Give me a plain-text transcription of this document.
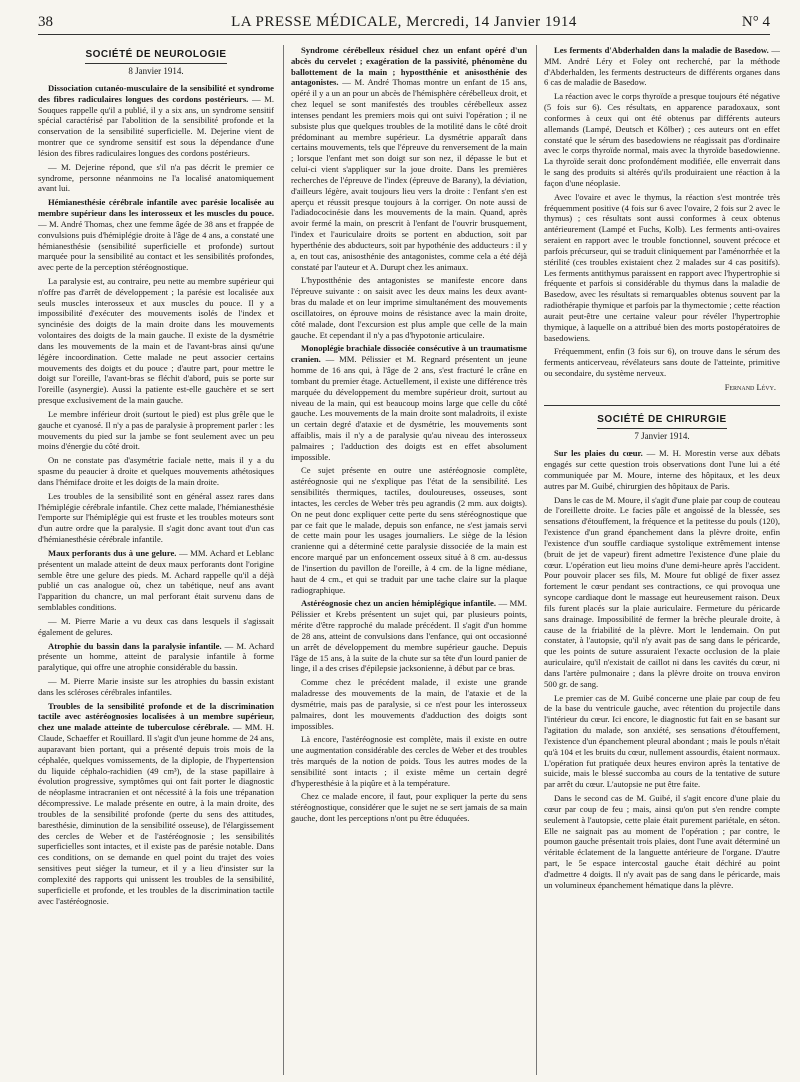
38	LA PRESSE MÉDICALE, Mercredi, 14 Janvier 1914	N° 4
SOCIÉTÉ DE NEUROLOGIE
8 Janvier 1914.

Dissociation cutanéo-musculaire de la sensibilité et syndrome des fibres radiculaires longues des cordons postérieurs. — M. Souques rappelle qu'il a publié, il y a six ans, un syndrome sensitif spécial caractérisé par l'abolition de la sensibilité profonde et la conservation de la sensibilité superficielle. M. Dejerine vient de montrer que ce syndrome sensitif est sous la dépendance d'une lésion des fibres radiculaires longues des cordons postérieurs.

— M. Dejerine répond, que s'il n'a pas décrit le premier ce syndrome, personne néanmoins ne l'a localisé anatomiquement avant lui.

Hémianesthésie cérébrale infantile avec parésie localisée au membre supérieur dans les interosseux et les muscles du pouce. — M. André Thomas, chez une femme âgée de 38 ans et frappée de convulsions puis d'hémiplégie droite à l'âge de 4 ans, a constaté une hémianesthésie (sensibilité superficielle et profonde) surtout marquée pour la sensibilité au contact et les sensibilités profondes, avec perte de la perception stéréognostique.

La paralysie est, au contraire, peu nette au membre supérieur qui n'offre pas d'arrêt de développement ; la parésie est localisée aux seuls muscles interosseux et aux muscles du pouce. Il y a impossibilité d'exécuter des mouvements isolés de l'index et syncinésie des doigts de la main droite dans les mouvements volontaires des doigts de la main gauche. Il existe de la dysmétrie dans les mouvements de la main et de l'avant-bras ainsi qu'une légère incoordination. Cette malade ne peut associer certains mouvements des doigts et du pouce ; d'autre part, pour mettre le doigt sur l'oreille, l'avant-bras se fléchit d'abord, puis se porte sur l'oreille (asynergie). Aussi la patiente est-elle gauchère et se sert presque exclusivement de la main gauche.

Le membre inférieur droit (surtout le pied) est plus grêle que le gauche et cyanosé. Il n'y a pas de paralysie à proprement parler : les mouvements du pied sur la jambe se font seulement avec un peu moins d'énergie du côté droit.

On ne constate pas d'asymétrie faciale nette, mais il y a du spasme du peaucier à droite et quelques mouvements athétosiques dans l'hémiface droite et les doigts de la main droite.

Les troubles de la sensibilité sont en général assez rares dans l'hémiplégie cérébrale infantile. Chez cette malade, l'hémianesthésie l'emporte sur l'hémiplégie qui est fruste et les troubles moteurs sont d'un autre ordre que la paralysie. Il s'agit donc avant tout d'un cas d'hémianesthésie cérébrale infantile.

Maux perforants dus à une gelure. — MM. Achard et Leblanc présentent un malade atteint de deux maux perforants dont l'origine semble être une gelure des pieds. M. Achard rappelle qu'il a déjà publié un cas analogue où, chez un tabétique, neuf ans avant l'apparition du chancre, un mal perforant était survenu dans de semblables conditions.

— M. Pierre Marie a vu deux cas dans lesquels il s'agissait également de gelures.

Atrophie du bassin dans la paralysie infantile. — M. Achard présente un homme, atteint de paralysie infantile à forme paralytique, qui offre une atrophie considérable du bassin.

— M. Pierre Marie insiste sur les atrophies du bassin existant dans les scléroses cérébrales infantiles.

Troubles de la sensibilité profonde et de la discrimination tactile avec astéréognosies localisées à un membre supérieur, chez une malade atteinte de tuberculose cérébrale. — MM. H. Claude, Schaeffer et Rouillard. Il s'agit d'un jeune homme de 24 ans, auparavant bien portant, qui a présenté depuis trois mois de la céphalée, quelques vomissements, de la diplopie, de l'hypertension du liquide céphalo-rachidien (49 cm³), de la stase papillaire à évolution progressive, symptômes qui ont fait porter le diagnostic de néoplasme intracranien et ont nécessité à la fois une trépanation décompressive. Le malade présente en outre, à la main droite, des troubles de la sensibilité profonde (perte du sens des attitudes, baresthésie, diminution de la sensibilité osseuse), de l'élargissement des cercles de Weber et de l'astéréognosie ; les sensibilités superficielles sont intactes, et il existe pas de parésie notable. Dans ces conditions, on se demande en quel point du trajet des voies sensitives peut siéger la tumeur, et il y a lieu d'insister sur la complexité des rapports qui unissent les troubles de la sensibilité, superficielle et profonde, et les troubles de la discrimination tactile avec l'astéréognosie.

Syndrome cérébelleux résiduel chez un enfant opéré d'un abcès du cervelet ; exagération de la passivité, phénomène du ballottement de la main ; hypostthénie et anisosthénie des antagonistes. — M. André Thomas montre un enfant de 15 ans, opéré il y a un an pour un abcès de l'hémisphère cérébelleux droit, et chez lequel se sont manifestés des troubles cérébelleux assez intenses pendant les premiers mois qui ont suivi l'opération ; il ne subsiste plus que quelques troubles de la motilité dans le côté droit prédominant au membre supérieur. La dysmétrie apparaît dans certains mouvements, tels que l'épreuve du renversement de la main ; lorsque l'enfant met son doigt sur son nez, il dépasse le but et celui-ci vient s'appliquer sur la joue droite. Dans les premières recherches de l'épreuve de l'index (épreuve de Barany), la déviation, d'ailleurs légère, avait toujours lieu vers la droite : l'enfant s'en est aperçu et réussit presque toujours à la corriger. On note aussi de l'adiadococinésie dans les mouvements de la main. Quand, après avoir fermé la main, on prescrit à l'enfant de l'ouvrir brusquement, l'index et l'auriculaire droits se portent en abduction, soit par hyperthénie des abducteurs, soit par hypothénie des adducteurs : il y a, en tout cas, anisosthénie des antagonistes, comme cela a été déjà constaté par l'auteur et A. Durupt chez les animaux.

L'hypostthénie des antagonistes se manifeste encore dans l'épreuve suivante : on saisit avec les deux mains les deux avant-bras du malade et on leur imprime simultanément des mouvements oscillatoires, on éprouve moins de résistance avec la main droite, côté malade, dont l'excursion est plus ample que celle de la main gauche. Et cependant il n'y a pas d'hypotonie articulaire.

Monoplégie brachiale dissociée consécutive à un traumatisme cranien. — MM. Pélissier et M. Regnard présentent un jeune homme de 16 ans qui, à l'âge de 2 ans, s'est fracturé le crâne en tombant du premier étage. Actuellement, il existe une différence très marquée du développement du membre supérieur droit, surtout au niveau de la main, qui est beaucoup moins large que celle du côté gauche. Les mouvements de la main droite sont maladroits, il existe un certain degré d'ataxie et de dysmétrie, les mouvements sont affaiblis, mais il n'y a de paralysie qu'au niveau des interosseux palmaires ; l'adduction des doigts est en effet absolument impossible.

Ce sujet présente en outre une astéréognosie complète, astéréognosie qui ne s'explique pas l'état de la sensibilité. Les sensibilités thermiques, tactiles, douloureuses, osseuses, sont intactes, les cercles de Weber très peu agrandis (2 mm. aux doigts). On ne peut donc expliquer cette perte du sens stéréognostique que par ce fait que le malade, depuis son enfance, ne s'est jamais servi de cette main pour les usages journaliers. Le siège de la lésion cranienne qui a déterminé cette paralysie dissociée de la main est encore marqué par un enfoncement osseux situé à 8 cm. au-dessus de l'insertion du pavillon de l'oreille, à 4 cm. de la ligne médiane, haut de 4 cm., et qui se traduit par une tache claire sur la plaque radiographique.

Astéréognosie chez un ancien hémiplégique infantile. — MM. Pélissier et Krebs présentent un sujet qui, par plusieurs points, mérite d'être rapproché du malade précédent. Il s'agit d'un homme de 28 ans, atteint de convulsions dans l'enfance, qui ont occasionné un arrêt de développement du membre supérieur gauche. Depuis l'âge de 15 ans, à la suite de la chute sur sa tête d'un lourd panier de linge, il a des crises d'épilepsie jacksonienne, à début par ce bras.

Comme chez le précédent malade, il existe une grande maladresse des mouvements de la main, de l'ataxie et de la dysmétrie, mais pas de paralysie, si ce n'est pour les interosseux palmaires, dont les mouvements d'adduction des doigts sont impossibles.

Là encore, l'astéréognosie est complète, mais il existe en outre une augmentation considérable des cercles de Weber et des troubles très marqués de la notion de poids. Tous les autres modes de la sensibilité sont intacts ; il existe même un certain degré d'hyperesthésie à la piqûre et à la température.

Chez ce malade encore, il faut, pour expliquer la perte du sens stéréognostique, considérer que le sujet ne se sert jamais de sa main gauche, dont les perceptions n'ont pu être éduquées.

Les ferments d'Abderhalden dans la maladie de Basedow. — MM. André Léry et Foley ont recherché, par la méthode d'Abderhalden, les ferments destructeurs de différents organes dans 6 cas de maladie de Basedow.

La réaction avec le corps thyroïde a presque toujours été négative (5 fois sur 6). Ces résultats, en apparence paradoxaux, sont conformes à ceux qui ont été obtenus par différents auteurs allemands (Lampé, Deutsch et Kölber) ; ces auteurs ont en effet constaté que le sérum des basedowiens ne réagissait pas d'ordinaire avec le corps thyroïde normal, mais avec la thyroïde basedowienne. La thyroïde serait donc profondément modifiée, elle enverrait dans le sang des produits si altérés qu'ils produiraient une réaction à la façon d'une néoplasie.

Avec l'ovaire et avec le thymus, la réaction s'est montrée très fréquemment positive (4 fois sur 6 avec l'ovaire, 2 fois sur 2 avec le thymus) ; ces résultats sont aussi conformes à ceux obtenus antérieurement (Lampé et Fuchs, Kolb). Les ferments anti-ovaires seraient en rapport avec le trouble fonctionnel, souvent précoce et parfois précurseur, qui se traduit cliniquement par l'aménorrhée et la stérilité (ces troubles existaient chez 2 malades sur 4 cas positifs). Les ferments antithymus paraissent en rapport avec l'hypertrophie si fréquente et parfois si considérable du thymus dans la maladie de Basedow, avec les résultats si remarquables obtenus souvent par la radiothérapie thymique et parfois par la thymectomie ; cette réaction aurait peut-être une certaine valeur pour révéler l'hypertrophie thymique, à laquelle on a attribué bien des morts postopératoires de basedowiens.

Fréquemment, enfin (3 fois sur 6), on trouve dans le sérum des ferments anticerveau, révélateurs sans doute de l'atteinte, primitive ou secondaire, du système nerveux.

Fernand Lévy.
SOCIÉTÉ DE CHIRURGIE
7 Janvier 1914.

Sur les plaies du cœur. — M. H. Morestin verse aux débats engagés sur cette question trois observations dont l'une lui a été communiquée par M. Moure, interne des hôpitaux, et les deux autres par M. Guibé, chirurgien des hôpitaux de Paris.

Dans le cas de M. Moure, il s'agit d'une plaie par coup de couteau de l'oreillette droite. Le facies pâle et angoissé de la blessée, ses sensations d'étouffement, la fréquence et la petitesse du pouls (120), l'existence d'un grand épanchement dans la plèvre droite, enfin l'existence d'un souffle cardiaque systolique extrêmement intense (bruit de jet de vapeur) firent admettre l'existence d'une plaie du cœur. L'opération eut lieu moins d'une demi-heure après l'accident. Pour pouvoir placer ses fils, M. Moure fut obligé de fixer assez fortement le cœur pendant ses contractions, ce qui provoqua une syncope cardiaque dont le massage eut heureusement raison. Deux fils furent placés sur la plaie auriculaire. Fermeture du péricarde sans drainage. Impossibilité de fermer la brèche pleurale droite, à cause de la friabilité de la plèvre. Mort le lendemain. On put constater, à l'autopsie, qu'il n'y avait pas de sang dans le péricarde, que les points de suture assuraient l'exacte occlusion de la plaie auriculaire, qu'il n'existait de caillot ni dans les cavités du cœur, ni dans l'artère pulmonaire ; dans la plèvre droite on trouva environ 500 gr. de sang.

Le premier cas de M. Guibé concerne une plaie par coup de feu de la base du ventricule gauche, avec rétention du projectile dans l'intérieur du cœur. Ici encore, le diagnostic fut fait en se basant sur l'agitation du malade, son anxiété, ses sensations d'étouffement, l'existence d'un épanchement pleural abondant ; mais le pouls n'était qu'à 104 et les bruits du cœur, nullement assourdis, étaient normaux. L'opération fut pratiquée deux heures environ après la tentative de suicide, mais le blessé succomba au cours de la tentative de suture par arrêt du cœur. L'autopsie ne put être faite.

Dans le second cas de M. Guibé, il s'agit encore d'une plaie du cœur par coup de feu ; mais, ainsi qu'on put s'en rendre compte seulement à l'autopsie, cette plaie était purement pariétale, en séton. Elle ne saignait pas au moment de l'opération ; par contre, le poumon gauche présentait trois plaies, dont l'une avait déterminé un véritable éclatement de la languette antérieure de l'organe. D'autre part, le 5e espace intercostal gauche était déchiré au point d'admettre 4 doigts. Il n'y avait pas de sang dans le péricarde, mais un volumineux épanchement hématique dans la plèvre.
